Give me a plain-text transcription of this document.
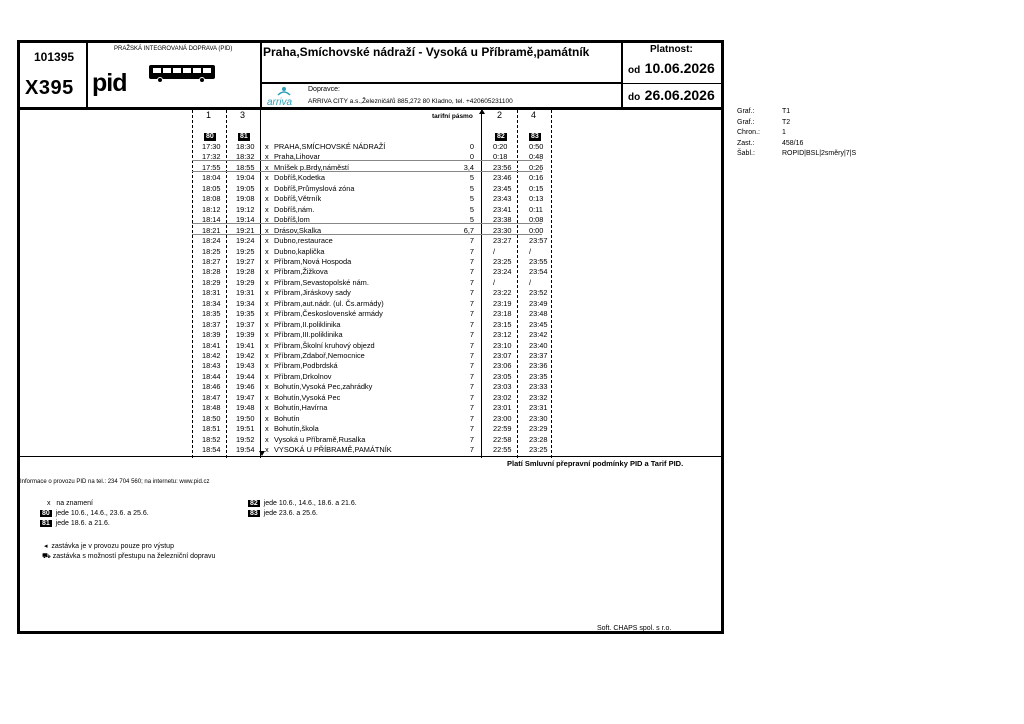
Graf.:	T1
Graf.:	T2
Chron.:	1
Zast.:	458/16
Šabl.:	ROPID|BSL|2směry|7|S
101395
X395
PRAŽSKÁ INTEGROVANÁ DOPRAVA (PID)
pid
Praha,Smíchovské nádraží - Vysoká u Příbramě,památník
arriva
Dopravce:
ARRIVA CITY a.s.,Železničářů 885,272 80 Kladno, tel. +420605231100
Platnost:
od 10.06.2026
do 26.06.2026
1	3	tarifní pásmo	2	4
80	81	82	83
17:30 18:30 x PRAHA,SMÍCHOVSKÉ NÁDRAŽÍ	0	0:20	0:50
17:32 18:32 x Praha,Lihovar	0	0:18	0:48
17:55 18:55 x Mníšek p.Brdy,náměstí	3,4	23:56 0:26
18:04 19:04 x Dobříš,Kodetka	5	23:46 0:16
18:05 19:05 x Dobříš,Průmyslová zóna	5	23:45 0:15
18:08 19:08 x Dobříš,Větrník	5	23:43 0:13
18:12 19:12 x Dobříš,nám.	5	23:41 0:11
18:14 19:14 x Dobříš,lom	5	23:38 0:08
18:21 19:21 x Drásov,Skalka	6,7	23:30 0:00
18:24 19:24 x Dubno,restaurace	7	23:27 23:57
18:25 19:25 x Dubno,kaplička	7	/	/
18:27 19:27 x Příbram,Nová Hospoda	7	23:25 23:55
18:28 19:28 x Příbram,Žižkova	7	23:24 23:54
18:29 19:29 x Příbram,Sevastopolské nám.	7	/	/
18:31 19:31 x Příbram,Jiráskovy sady	7	23:22 23:52
18:34 19:34 x Příbram,aut.nádr. (ul. Čs.armády)	7	23:19 23:49
18:35 19:35 x Příbram,Československé armády	7	23:18 23:48
18:37 19:37 x Příbram,II.poliklinika	7	23:15 23:45
18:39 19:39 x Příbram,III.poliklinika	7	23:12 23:42
18:41 19:41 x Příbram,Školní kruhový objezd	7	23:10 23:40
18:42 19:42 x Příbram,Zdaboř,Nemocnice	7	23:07 23:37
18:43 19:43 x Příbram,Podbrdská	7	23:06 23:36
18:44 19:44 x Příbram,Drkolnov	7	23:05 23:35
18:46 19:46 x Bohutín,Vysoká Pec,zahrádky	7	23:03 23:33
18:47 19:47 x Bohutín,Vysoká Pec	7	23:02 23:32
18:48 19:48 x Bohutín,Havírna	7	23:01 23:31
18:50 19:50 x Bohutín	7	23:00 23:30
18:51 19:51 x Bohutín,škola	7	22:59 23:29
18:52 19:52 x Vysoká u Příbramě,Rusalka	7	22:58 23:28
18:54 19:54 x VYSOKÁ U PŘÍBRAMĚ,PAMÁTNÍK	7	22:55 23:25
Platí Smluvní přepravní podmínky PID a Tarif PID.
Informace o provozu PID na tel.: 234 704 560; na internetu: www.pid.cz
x na znamení
80 jede 10.6., 14.6., 23.6. a 25.6.
81 jede 18.6. a 21.6.
82 jede 10.6., 14.6., 18.6. a 21.6.
83 jede 23.6. a 25.6.
◂ zastávka je v provozu pouze pro výstup
⛟ zastávka s možností přestupu na železniční dopravu
Soft. CHAPS spol. s r.o.
